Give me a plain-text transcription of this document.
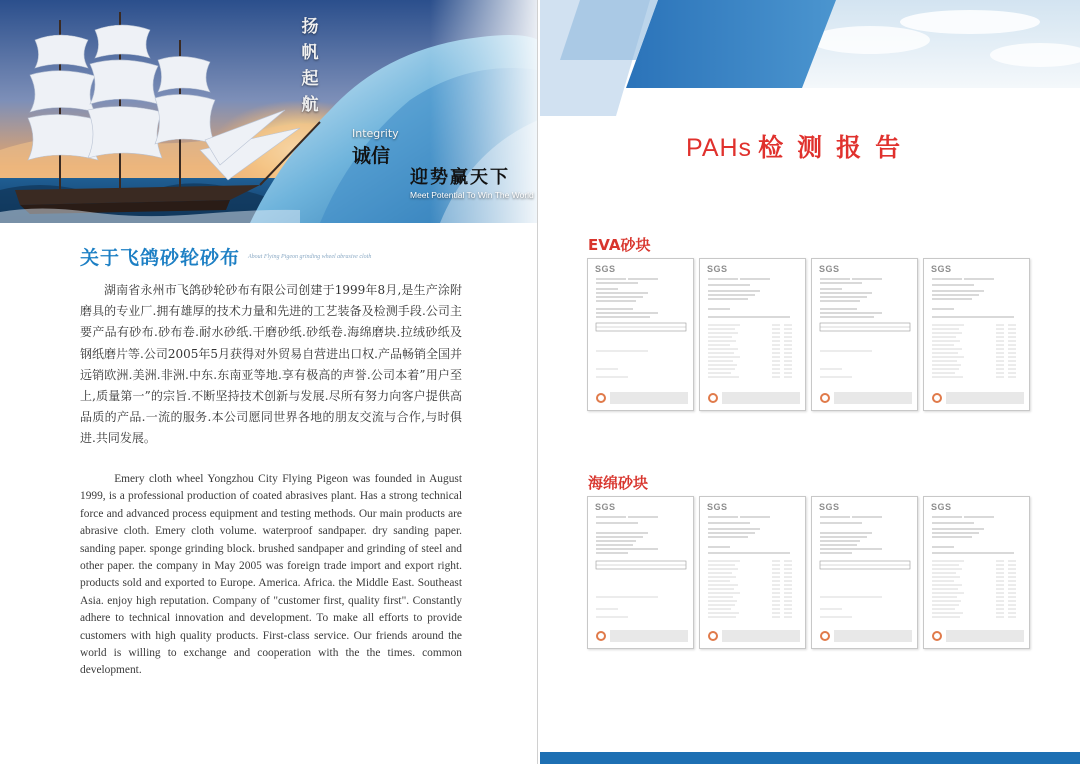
扬帆起航
Integrity
诚信
迎势赢天下
Meet Potential To Win The World
关于飞鸽砂轮砂布 About Flying Pigeon grinding wheel abrasive cloth

湖南省永州市飞鸽砂轮砂布有限公司创建于1999年8月,是生产涂附磨具的专业厂.拥有雄厚的技术力量和先进的工艺装备及检测手段.公司主要产品有砂布.砂布卷.耐水砂纸.干磨砂纸.砂纸卷.海绵磨块.拉绒砂纸及钢纸磨片等.公司2005年5月获得对外贸易自营进出口权.产品畅销全国并远销欧洲.美洲.非洲.中东.东南亚等地.享有极高的声誉.公司本着”用户至上,质量第一”的宗旨.不断坚持技术创新与发展.尽所有努力向客户提供高品质的产品.一流的服务.本公司愿同世界各地的朋友交流与合作,与时俱进.共同发展。

Emery cloth wheel Yongzhou City Flying Pigeon was founded in August 1999, is a professional production of coated abrasives plant. Has a strong technical force and advanced process equipment and testing methods. Our main products are abrasive cloth. Emery cloth volume. waterproof sandpaper. dry sanding paper. sanding paper. sponge grinding block. brushed sandpaper and grinding of steel and other paper. the company in May 2005 was foreign trade import and export right. products sold and exported to Europe. America. Africa. the Middle East. Southeast Asia. enjoy high reputation. Company of "customer first, quality first". Constantly adhere to technical innovation and development. To make all efforts to provide customers with high quality products. First-class service. Our friends around the world is willing to exchange and cooperation with the the times. common development.

PAHs 检测报告
EVA砂块
SGS	SGS	SGS	SGS
海绵砂块
SGS	SGS	SGS	SGS
